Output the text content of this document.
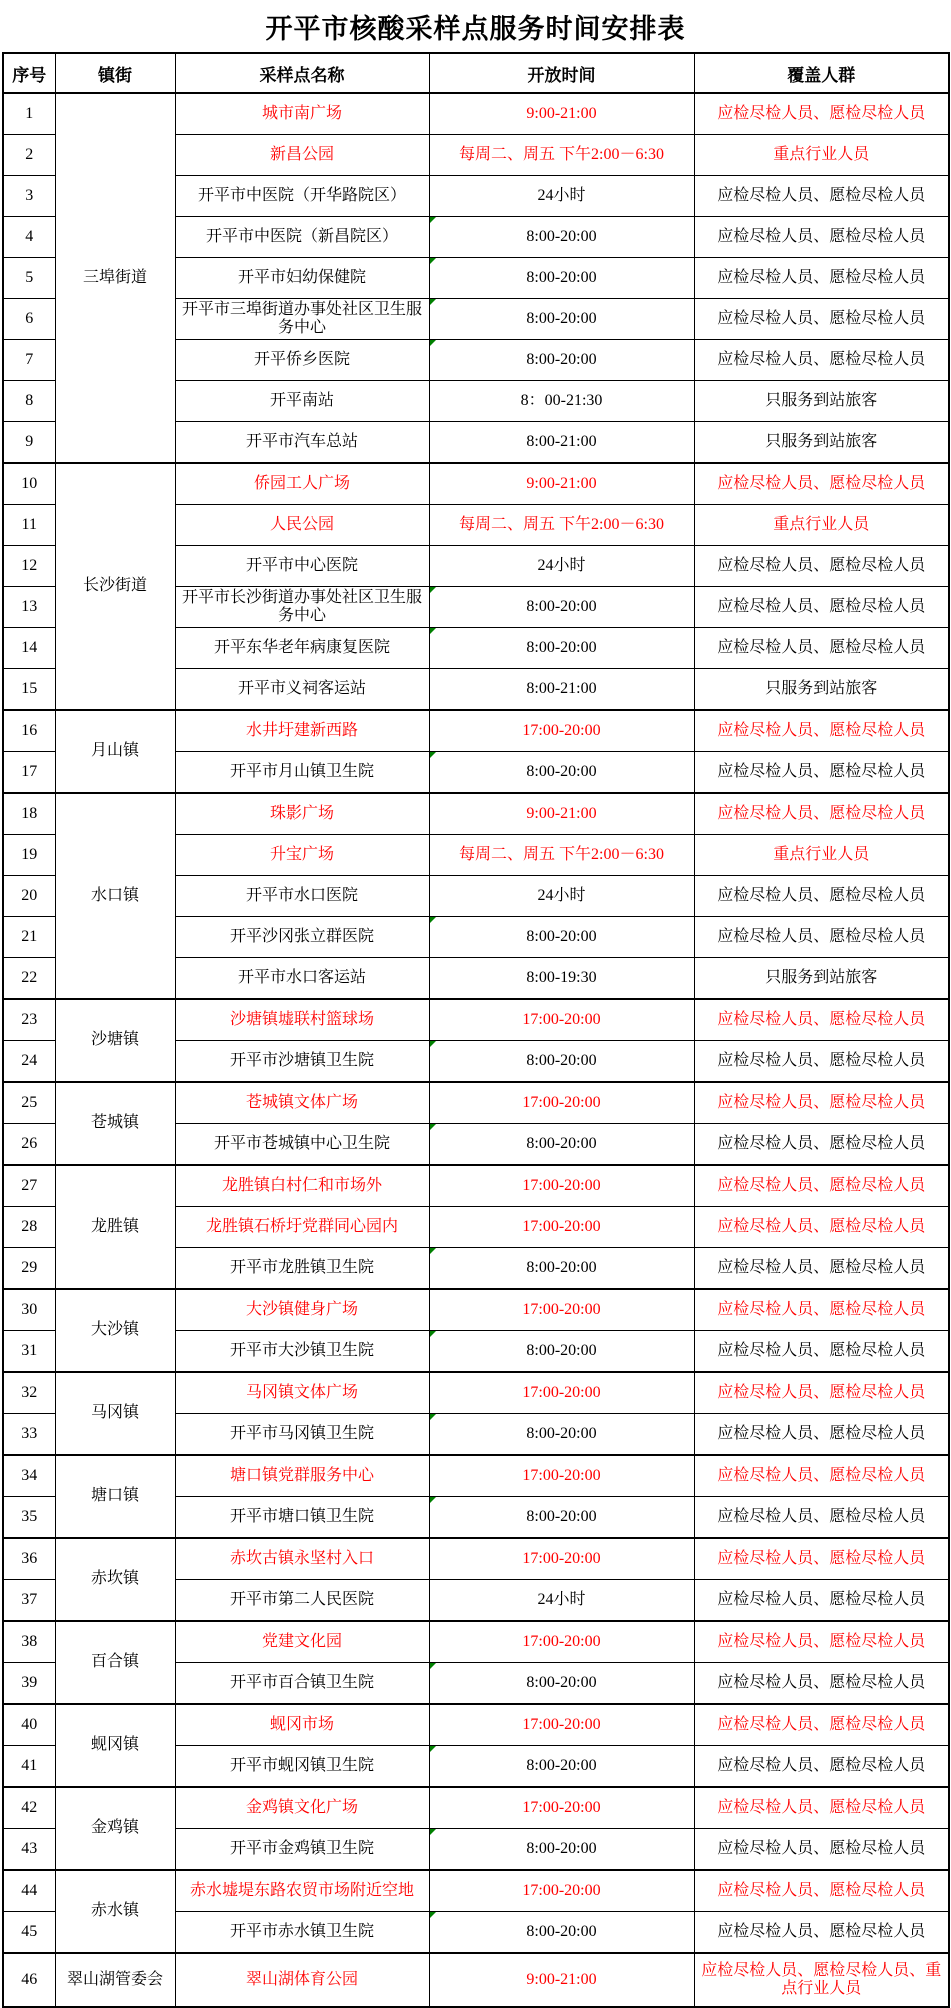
开平市核酸采样点服务时间安排表
序号	镇街	采样点名称	开放时间	覆盖人群
1	三埠街道	城市南广场	9:00-21:00	应检尽检人员、愿检尽检人员
2		新昌公园	每周二、周五 下午2:00－6:30	重点行业人员
3		开平市中医院（开华路院区）	24小时	应检尽检人员、愿检尽检人员
4		开平市中医院（新昌院区）	8:00-20:00	应检尽检人员、愿检尽检人员
5		开平市妇幼保健院	8:00-20:00	应检尽检人员、愿检尽检人员
6		开平市三埠街道办事处社区卫生服务中心	8:00-20:00	应检尽检人员、愿检尽检人员
7		开平侨乡医院	8:00-20:00	应检尽检人员、愿检尽检人员
8		开平南站	8：00-21:30	只服务到站旅客
9		开平市汽车总站	8:00-21:00	只服务到站旅客
10	长沙街道	侨园工人广场	9:00-21:00	应检尽检人员、愿检尽检人员
11		人民公园	每周二、周五 下午2:00－6:30	重点行业人员
12		开平市中心医院	24小时	应检尽检人员、愿检尽检人员
13		开平市长沙街道办事处社区卫生服务中心	8:00-20:00	应检尽检人员、愿检尽检人员
14		开平东华老年病康复医院	8:00-20:00	应检尽检人员、愿检尽检人员
15		开平市义祠客运站	8:00-21:00	只服务到站旅客
16	月山镇	水井圩建新西路	17:00-20:00	应检尽检人员、愿检尽检人员
17		开平市月山镇卫生院	8:00-20:00	应检尽检人员、愿检尽检人员
18	水口镇	珠影广场	9:00-21:00	应检尽检人员、愿检尽检人员
19		升宝广场	每周二、周五 下午2:00－6:30	重点行业人员
20		开平市水口医院	24小时	应检尽检人员、愿检尽检人员
21		开平沙冈张立群医院	8:00-20:00	应检尽检人员、愿检尽检人员
22		开平市水口客运站	8:00-19:30	只服务到站旅客
23	沙塘镇	沙塘镇墟联村篮球场	17:00-20:00	应检尽检人员、愿检尽检人员
24		开平市沙塘镇卫生院	8:00-20:00	应检尽检人员、愿检尽检人员
25	苍城镇	苍城镇文体广场	17:00-20:00	应检尽检人员、愿检尽检人员
26		开平市苍城镇中心卫生院	8:00-20:00	应检尽检人员、愿检尽检人员
27	龙胜镇	龙胜镇白村仁和市场外	17:00-20:00	应检尽检人员、愿检尽检人员
28		龙胜镇石桥圩党群同心园内	17:00-20:00	应检尽检人员、愿检尽检人员
29		开平市龙胜镇卫生院	8:00-20:00	应检尽检人员、愿检尽检人员
30	大沙镇	大沙镇健身广场	17:00-20:00	应检尽检人员、愿检尽检人员
31		开平市大沙镇卫生院	8:00-20:00	应检尽检人员、愿检尽检人员
32	马冈镇	马冈镇文体广场	17:00-20:00	应检尽检人员、愿检尽检人员
33		开平市马冈镇卫生院	8:00-20:00	应检尽检人员、愿检尽检人员
34	塘口镇	塘口镇党群服务中心	17:00-20:00	应检尽检人员、愿检尽检人员
35		开平市塘口镇卫生院	8:00-20:00	应检尽检人员、愿检尽检人员
36	赤坎镇	赤坎古镇永坚村入口	17:00-20:00	应检尽检人员、愿检尽检人员
37		开平市第二人民医院	24小时	应检尽检人员、愿检尽检人员
38	百合镇	党建文化园	17:00-20:00	应检尽检人员、愿检尽检人员
39		开平市百合镇卫生院	8:00-20:00	应检尽检人员、愿检尽检人员
40	蚬冈镇	蚬冈市场	17:00-20:00	应检尽检人员、愿检尽检人员
41		开平市蚬冈镇卫生院	8:00-20:00	应检尽检人员、愿检尽检人员
42	金鸡镇	金鸡镇文化广场	17:00-20:00	应检尽检人员、愿检尽检人员
43		开平市金鸡镇卫生院	8:00-20:00	应检尽检人员、愿检尽检人员
44	赤水镇	赤水墟堤东路农贸市场附近空地	17:00-20:00	应检尽检人员、愿检尽检人员
45		开平市赤水镇卫生院	8:00-20:00	应检尽检人员、愿检尽检人员
46	翠山湖管委会	翠山湖体育公园	9:00-21:00	应检尽检人员、愿检尽检人员、重点行业人员
